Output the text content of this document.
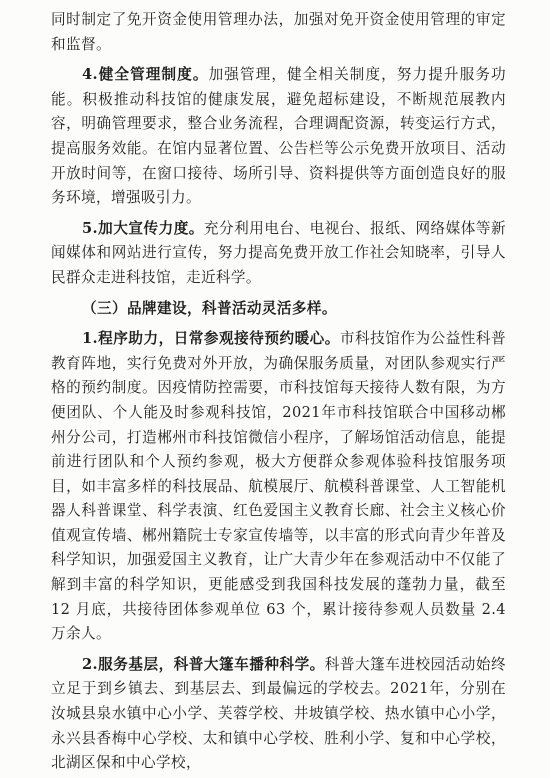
同时制定了免开资金使用管理办法，加强对免开资金使用管理的审定和监督。

4.健全管理制度。加强管理，健全相关制度，努力提升服务功能。积极推动科技馆的健康发展，避免超标建设，不断规范展教内容，明确管理要求，整合业务流程，合理调配资源，转变运行方式，提高服务效能。在馆内显著位置、公告栏等公示免费开放项目、活动开放时间等，在窗口接待、场所引导、资料提供等方面创造良好的服务环境，增强吸引力。

5.加大宣传力度。充分利用电台、电视台、报纸、网络媒体等新闻媒体和网站进行宣传，努力提高免费开放工作社会知晓率，引导人民群众走进科技馆，走近科学。

（三）品牌建设，科普活动灵活多样。

1.程序助力，日常参观接待预约暖心。市科技馆作为公益性科普教育阵地，实行免费对外开放，为确保服务质量，对团队参观实行严格的预约制度。因疫情防控需要，市科技馆每天接待人数有限，为方便团队、个人能及时参观科技馆，2021年市科技馆联合中国移动郴州分公司，打造郴州市科技馆微信小程序，了解场馆活动信息，能提前进行团队和个人预约参观，极大方便群众参观体验科技馆服务项目，如丰富多样的科技展品、航模展厅、航模科普课堂、人工智能机器人科普课堂、科学表演、红色爱国主义教育长廊、社会主义核心价值观宣传墙、郴州籍院士专家宣传墙等，以丰富的形式向青少年普及科学知识，加强爱国主义教育，让广大青少年在参观活动中不仅能了解到丰富的科学知识，更能感受到我国科技发展的蓬勃力量，截至 12 月底，共接待团体参观单位 63 个，累计接待参观人员数量 2.4 万余人。

2.服务基层，科普大篷车播种科学。科普大篷车进校园活动始终立足于到乡镇去、到基层去、到最偏远的学校去。2021年，分别在汝城县泉水镇中心小学、芙蓉学校、井坡镇学校、热水镇中心小学，永兴县香梅中心学校、太和镇中心学校、胜利小学、复和中心学校，北湖区保和中心学校，
